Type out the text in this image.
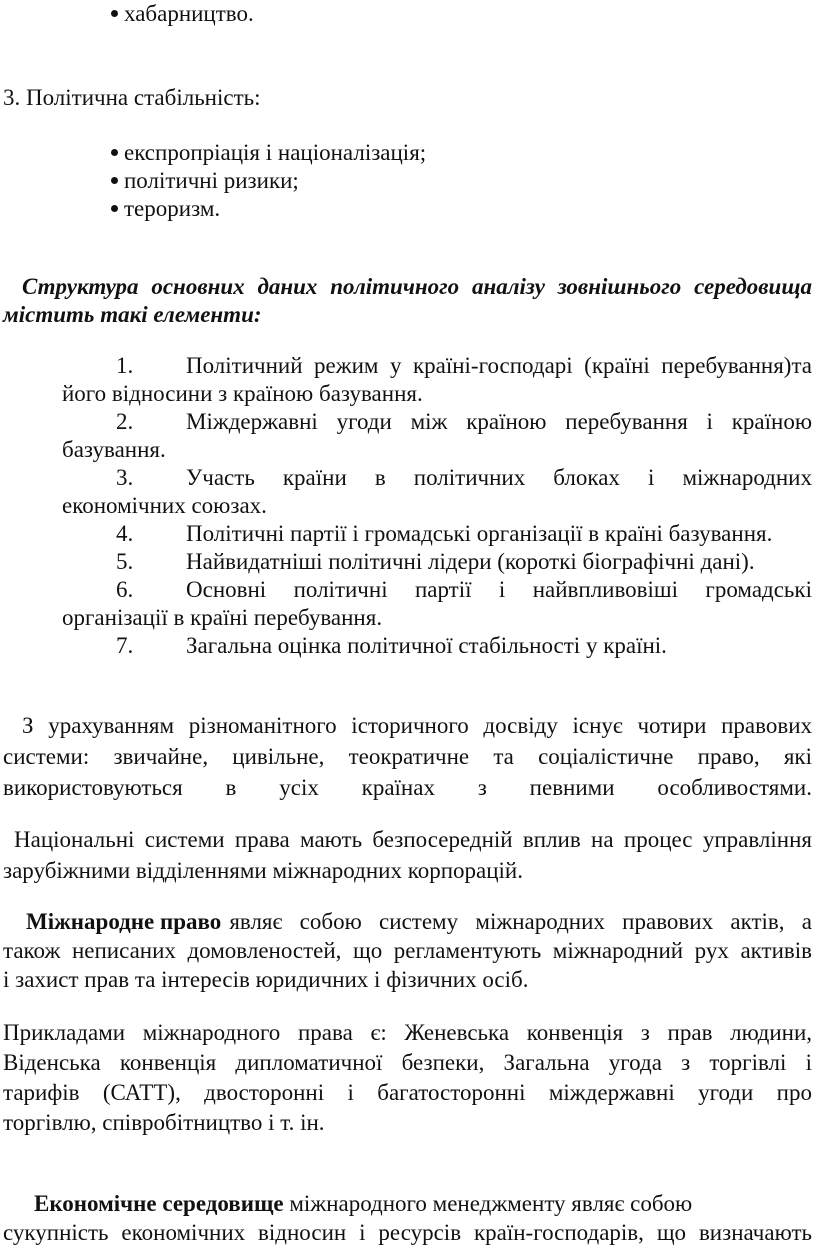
хабарництво.
3. Політична стабільність:
експропріація і націоналізація;
політичні ризики;
тероризм.
Структура основних даних політичного аналізу зовнішнього середовища
містить такі елементи:
1. Політичний режим у країні-господарі (країні перебування)та
його відносини з країною базування.
2. Міждержавні угоди між країною перебування і країною
базування.
3. Участь країни в політичних блоках і міжнародних
економічних союзах.
4. Політичні партії і громадські організації в країні базування.
5. Найвидатніші політичні лідери (короткі біографічні дані).
6. Основні політичні партії і найвпливовіші громадські
організації в країні перебування.
7. Загальна оцінка політичної стабільності у країні.
З урахуванням різноманітного історичного досвіду існує чотири правових
системи: звичайне, цивільне, теократичне та соціалістичне право, які
використовуються в усіх країнах з певними особливостями.
Національні системи права мають безпосередній вплив на процес управління
зарубіжними відділеннями міжнародних корпорацій.
Міжнародне право являє собою систему міжнародних правових актів, а
також неписаних домовленостей, що регламентують міжнародний рух активів
і захист прав та інтересів юридичних і фізичних осіб.
Прикладами міжнародного права є: Женевська конвенція з прав людини,
Віденська конвенція дипломатичної безпеки, Загальна угода з торгівлі і
тарифів (САТТ), двосторонні і багатосторонні міждержавні угоди про
торгівлю, співробітництво і т. ін.
Економічне середовище міжнародного менеджменту являє собою
сукупність економічних відносин і ресурсів країн-господарів, що визначають
